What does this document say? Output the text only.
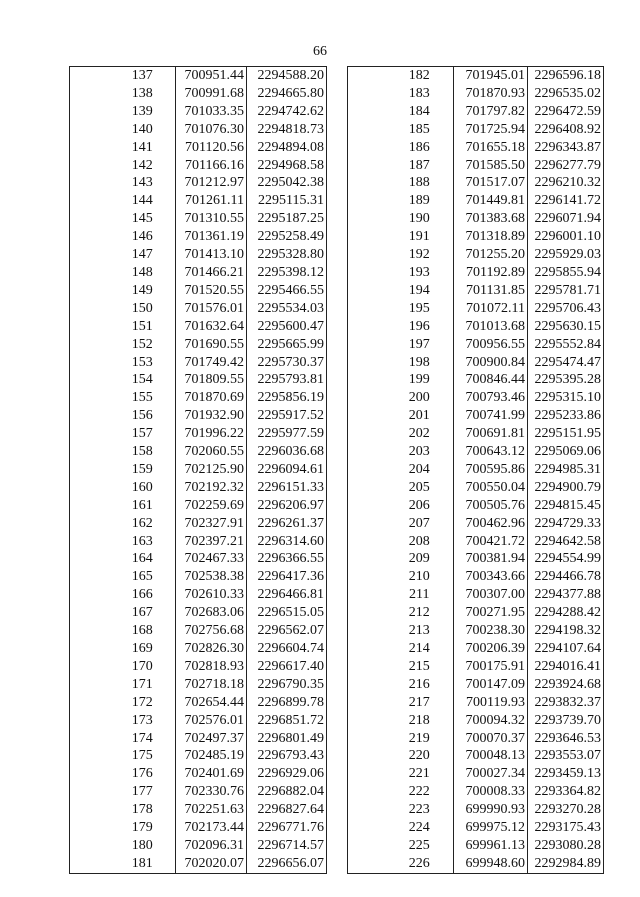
66
	137	700951.44	2294588.20
	138	700991.68	2294665.80
	139	701033.35	2294742.62
	140	701076.30	2294818.73
	141	701120.56	2294894.08
	142	701166.16	2294968.58
	143	701212.97	2295042.38
	144	701261.11	2295115.31
	145	701310.55	2295187.25
	146	701361.19	2295258.49
	147	701413.10	2295328.80
	148	701466.21	2295398.12
	149	701520.55	2295466.55
	150	701576.01	2295534.03
	151	701632.64	2295600.47
	152	701690.55	2295665.99
	153	701749.42	2295730.37
	154	701809.55	2295793.81
	155	701870.69	2295856.19
	156	701932.90	2295917.52
	157	701996.22	2295977.59
	158	702060.55	2296036.68
	159	702125.90	2296094.61
	160	702192.32	2296151.33
	161	702259.69	2296206.97
	162	702327.91	2296261.37
	163	702397.21	2296314.60
	164	702467.33	2296366.55
	165	702538.38	2296417.36
	166	702610.33	2296466.81
	167	702683.06	2296515.05
	168	702756.68	2296562.07
	169	702826.30	2296604.74
	170	702818.93	2296617.40
	171	702718.18	2296790.35
	172	702654.44	2296899.78
	173	702576.01	2296851.72
	174	702497.37	2296801.49
	175	702485.19	2296793.43
	176	702401.69	2296929.06
	177	702330.76	2296882.04
	178	702251.63	2296827.64
	179	702173.44	2296771.76
	180	702096.31	2296714.57
	181	702020.07	2296656.07
	182	701945.01	2296596.18
	183	701870.93	2296535.02
	184	701797.82	2296472.59
	185	701725.94	2296408.92
	186	701655.18	2296343.87
	187	701585.50	2296277.79
	188	701517.07	2296210.32
	189	701449.81	2296141.72
	190	701383.68	2296071.94
	191	701318.89	2296001.10
	192	701255.20	2295929.03
	193	701192.89	2295855.94
	194	701131.85	2295781.71
	195	701072.11	2295706.43
	196	701013.68	2295630.15
	197	700956.55	2295552.84
	198	700900.84	2295474.47
	199	700846.44	2295395.28
	200	700793.46	2295315.10
	201	700741.99	2295233.86
	202	700691.81	2295151.95
	203	700643.12	2295069.06
	204	700595.86	2294985.31
	205	700550.04	2294900.79
	206	700505.76	2294815.45
	207	700462.96	2294729.33
	208	700421.72	2294642.58
	209	700381.94	2294554.99
	210	700343.66	2294466.78
	211	700307.00	2294377.88
	212	700271.95	2294288.42
	213	700238.30	2294198.32
	214	700206.39	2294107.64
	215	700175.91	2294016.41
	216	700147.09	2293924.68
	217	700119.93	2293832.37
	218	700094.32	2293739.70
	219	700070.37	2293646.53
	220	700048.13	2293553.07
	221	700027.34	2293459.13
	222	700008.33	2293364.82
	223	699990.93	2293270.28
	224	699975.12	2293175.43
	225	699961.13	2293080.28
	226	699948.60	2292984.89
